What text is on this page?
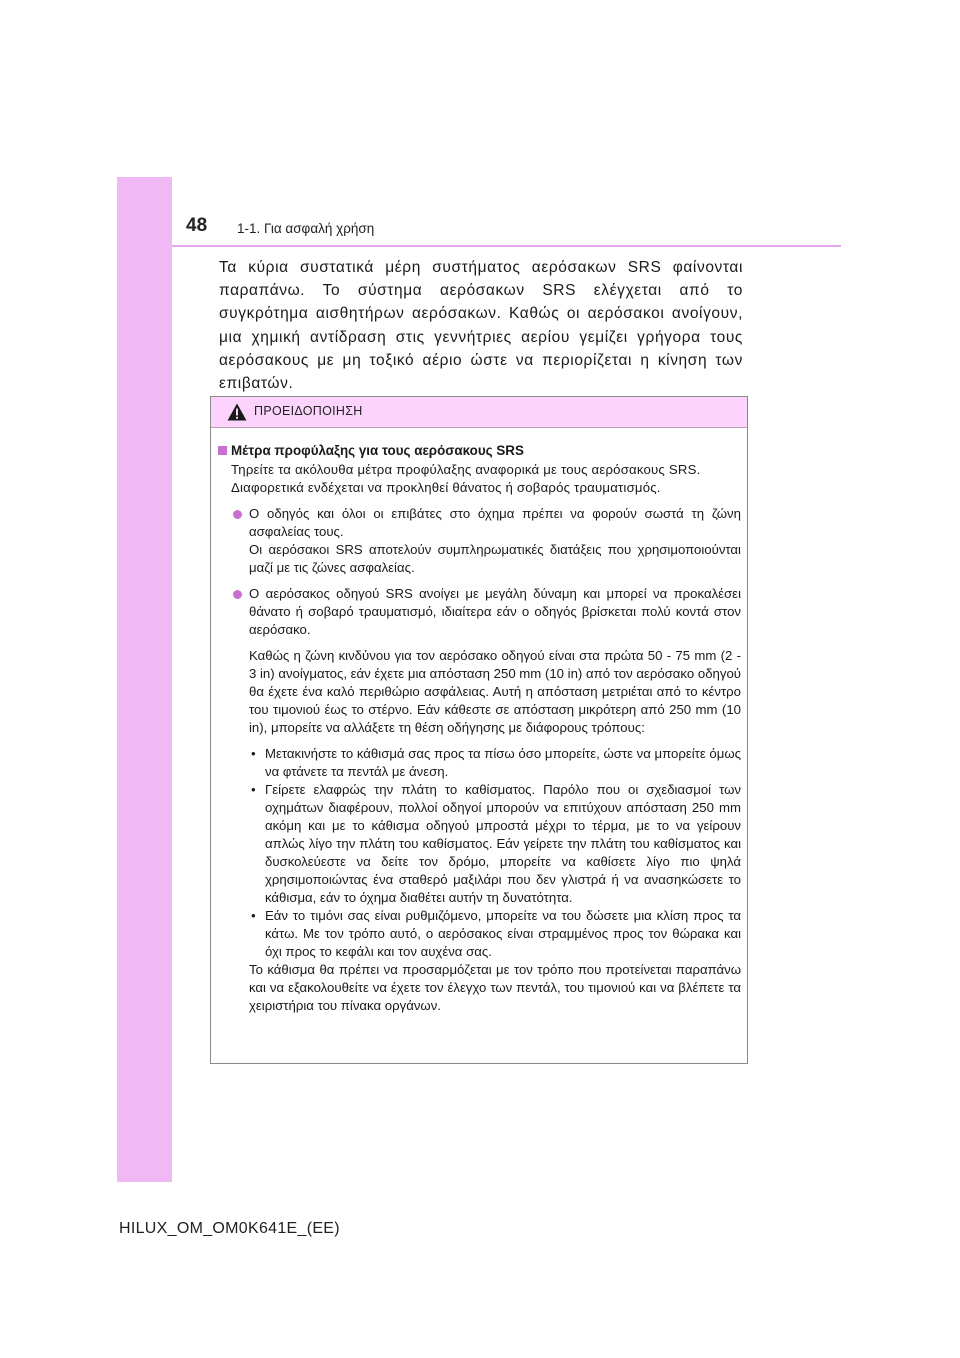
48 1-1. Για ασφαλή χρήση

Τα κύρια συστατικά μέρη συστήματος αερόσακων SRS φαίνονται παραπάνω. Το σύστημα αερόσακων SRS ελέγχεται από το συγκρότημα αισθητήρων αερόσακων. Καθώς οι αερόσακοι ανοίγουν, μια χημική αντίδραση στις γεννήτριες αερίου γεμίζει γρήγορα τους αερόσακους με μη τοξικό αέριο ώστε να περιορίζεται η κίνηση των επιβατών.

ΠΡΟΕΙΔΟΠΟΙΗΣΗ
Μέτρα προφύλαξης για τους αερόσακους SRS

Τηρείτε τα ακόλουθα μέτρα προφύλαξης αναφορικά με τους αερόσακους SRS.

Διαφορετικά ενδέχεται να προκληθεί θάνατος ή σοβαρός τραυματισμός.

Ο οδηγός και όλοι οι επιβάτες στο όχημα πρέπει να φορούν σωστά τη ζώνη ασφαλείας τους.

Οι αερόσακοι SRS αποτελούν συμπληρωματικές διατάξεις που χρησιμοποιούνται μαζί με τις ζώνες ασφαλείας.

Ο αερόσακος οδηγού SRS ανοίγει με μεγάλη δύναμη και μπορεί να προκαλέσει θάνατο ή σοβαρό τραυματισμό, ιδιαίτερα εάν ο οδηγός βρίσκεται πολύ κοντά στον αερόσακο.

Καθώς η ζώνη κινδύνου για τον αερόσακο οδηγού είναι στα πρώτα 50 - 75 mm (2 - 3 in) ανοίγματος, εάν έχετε μια απόσταση 250 mm (10 in) από τον αερόσακο οδηγού θα έχετε ένα καλό περιθώριο ασφάλειας. Αυτή η απόσταση μετριέται από το κέντρο του τιμονιού έως το στέρνο. Εάν κάθεστε σε απόσταση μικρότερη από 250 mm (10 in), μπορείτε να αλλάξετε τη θέση οδήγησης με διάφορους τρόπους:

• Μετακινήστε το κάθισμά σας προς τα πίσω όσο μπορείτε, ώστε να μπορείτε όμως να φτάνετε τα πεντάλ με άνεση.

• Γείρετε ελαφρώς την πλάτη το καθίσματος. Παρόλο που οι σχεδιασμοί των οχημάτων διαφέρουν, πολλοί οδηγοί μπορούν να επιτύχουν απόσταση 250 mm ακόμη και με το κάθισμα οδηγού μπροστά μέχρι το τέρμα, με το να γείρουν απλώς λίγο την πλάτη του καθίσματος. Εάν γείρετε την πλάτη του καθίσματος και δυσκολεύεστε να δείτε τον δρόμο, μπορείτε να καθίσετε λίγο πιο ψηλά χρησιμοποιώντας ένα σταθερό μαξιλάρι που δεν γλιστρά ή να ανασηκώσετε το κάθισμα, εάν το όχημα διαθέτει αυτήν τη δυνατότητα.

• Εάν το τιμόνι σας είναι ρυθμιζόμενο, μπορείτε να του δώσετε μια κλίση προς τα κάτω. Με τον τρόπο αυτό, ο αερόσακος είναι στραμμένος προς τον θώρακα και όχι προς το κεφάλι και τον αυχένα σας.

Το κάθισμα θα πρέπει να προσαρμόζεται με τον τρόπο που προτείνεται παραπάνω και να εξακολουθείτε να έχετε τον έλεγχο των πεντάλ, του τιμονιού και να βλέπετε τα χειριστήρια του πίνακα οργάνων.

HILUX_OM_OM0K641E_(EE)
